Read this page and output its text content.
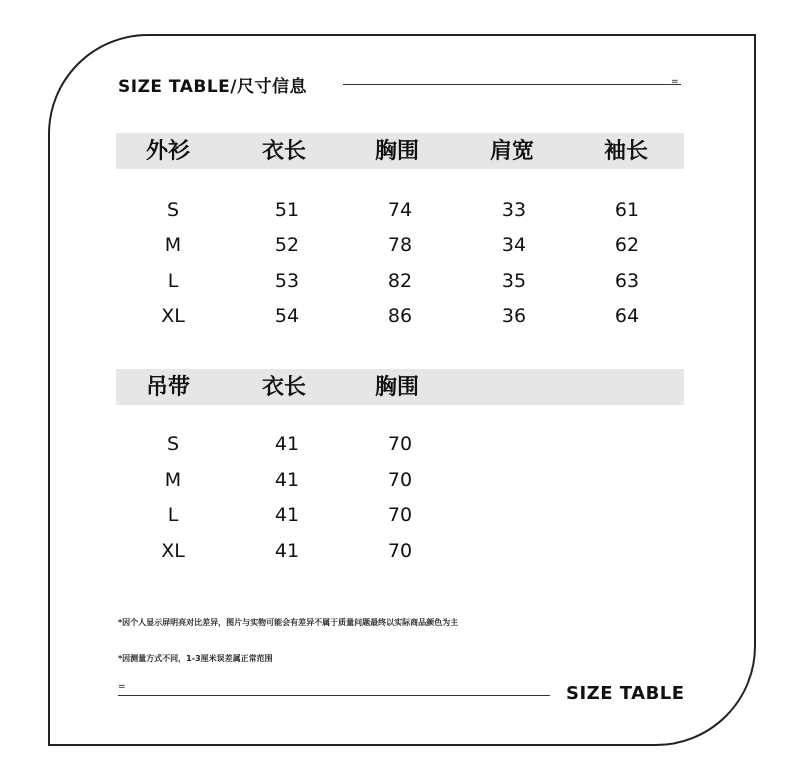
SIZE TABLE/尺寸信息	=
外衫	衣长	胸围	肩宽	袖长
S	51	74	33	61
M	52	78	34	62
L	53	82	35	63
XL	54	86	36	64
吊带	衣长	胸围
S	41	70
M	41	70
L	41	70
XL	41	70
*因个人显示屏明亮对比差异，图片与实物可能会有差异不属于质量问题最终以实际商品颜色为主
*因测量方式不同，1-3厘米误差属正常范围
=	SIZE TABLE
